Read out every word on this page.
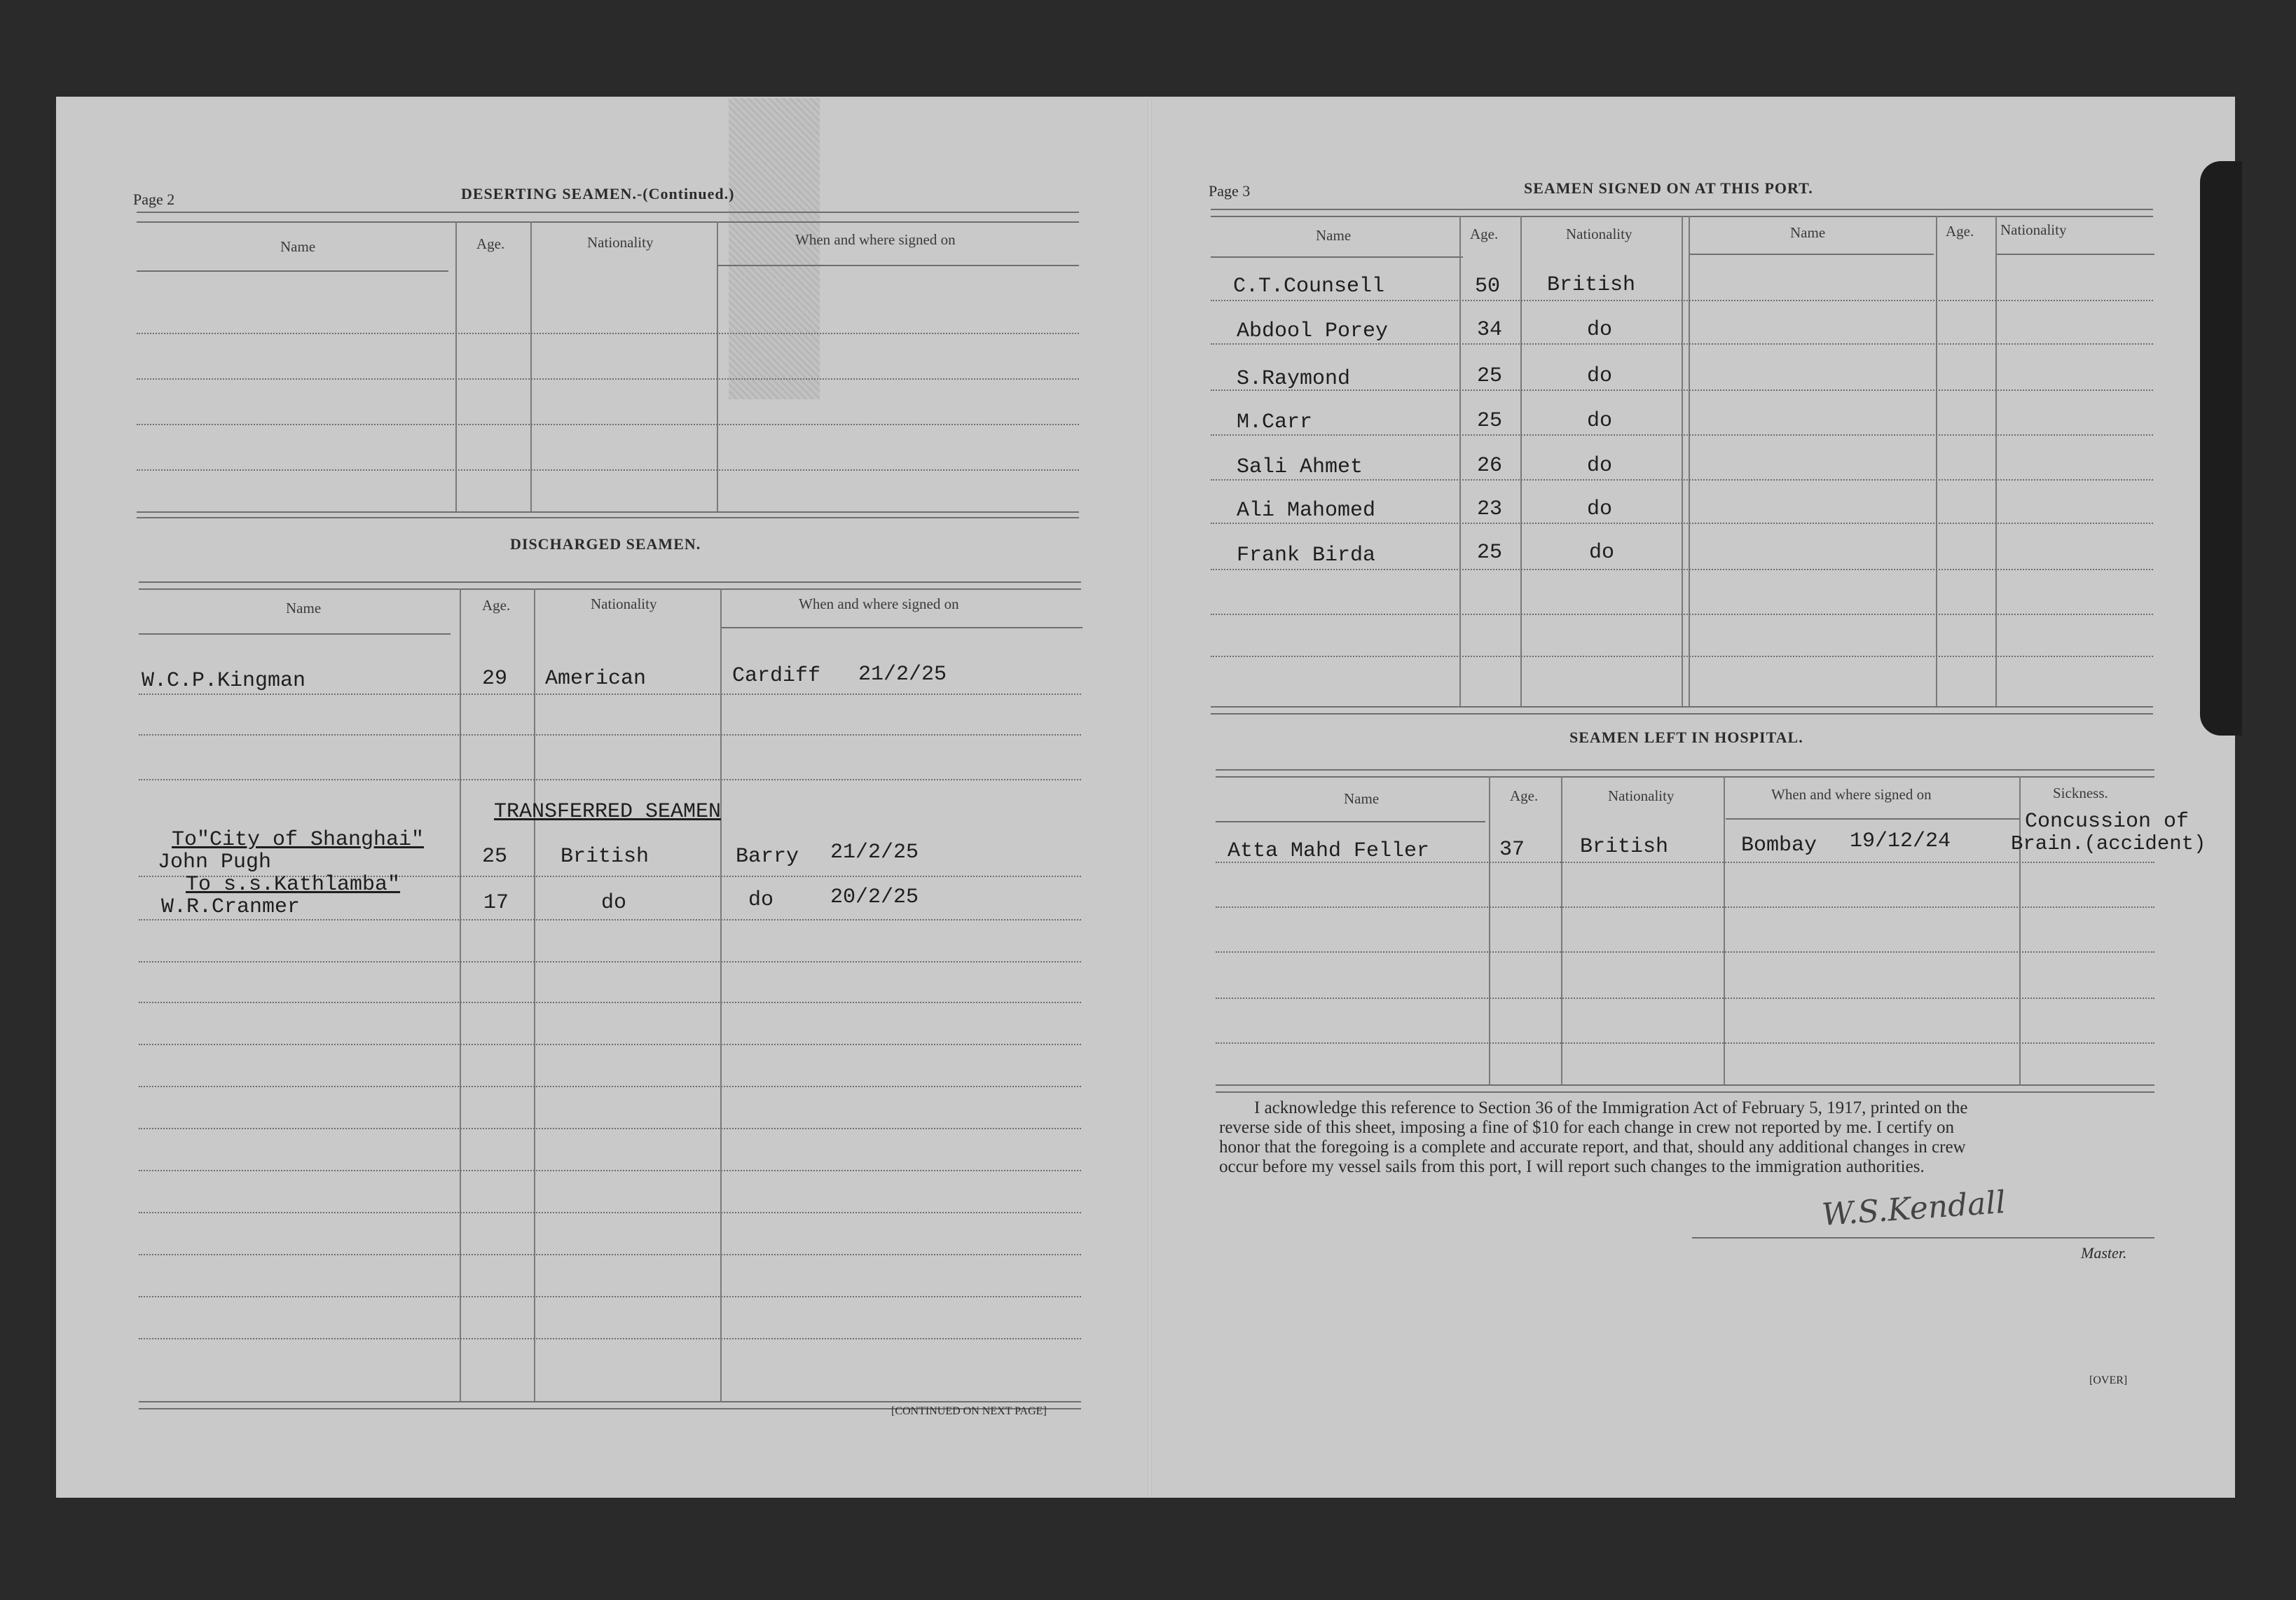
Page 2	DESERTING SEAMEN.-(Continued.)
Name	Age.	Nationality	When and where signed on
DISCHARGED SEAMEN.
Name	Age.	Nationality	When and where signed on
W.C.P.Kingman	29 American	Cardiff 21/2/25
TRANSFERRED SEAMEN
To"City of Shanghai"
John Pugh	25	British	Barry 21/2/25
To s.s.Kathlamba"
W.R.Cranmer	17	do	do	20/2/25
[CONTINUED ON NEXT PAGE]
Page 3	SEAMEN SIGNED ON AT THIS PORT.
Name	Age.	Nationality	Name	Age. Nationality
C.T.Counsell	50 British
Abdool Porey	34	do
S.Raymond	25	do
M.Carr	25	do
Sali Ahmet	26	do
Ali Mahomed	23	do
Frank Birda	25	do
SEAMEN LEFT IN HOSPITAL.
Name	Age.	Nationality	When and where signed on	Sickness.
Atta Mahd Feller	37	British	Bombay 19/12/24
Concussion of
Brain.(accident)
I acknowledge this reference to Section 36 of the Immigration Act of February 5, 1917, printed on the
reverse side of this sheet, imposing a fine of $10 for each change in crew not reported by me. I certify on
honor that the foregoing is a complete and accurate report, and that, should any additional changes in crew
occur before my vessel sails from this port, I will report such changes to the immigration authorities.
W.S.Kendall
Master.
[OVER]
